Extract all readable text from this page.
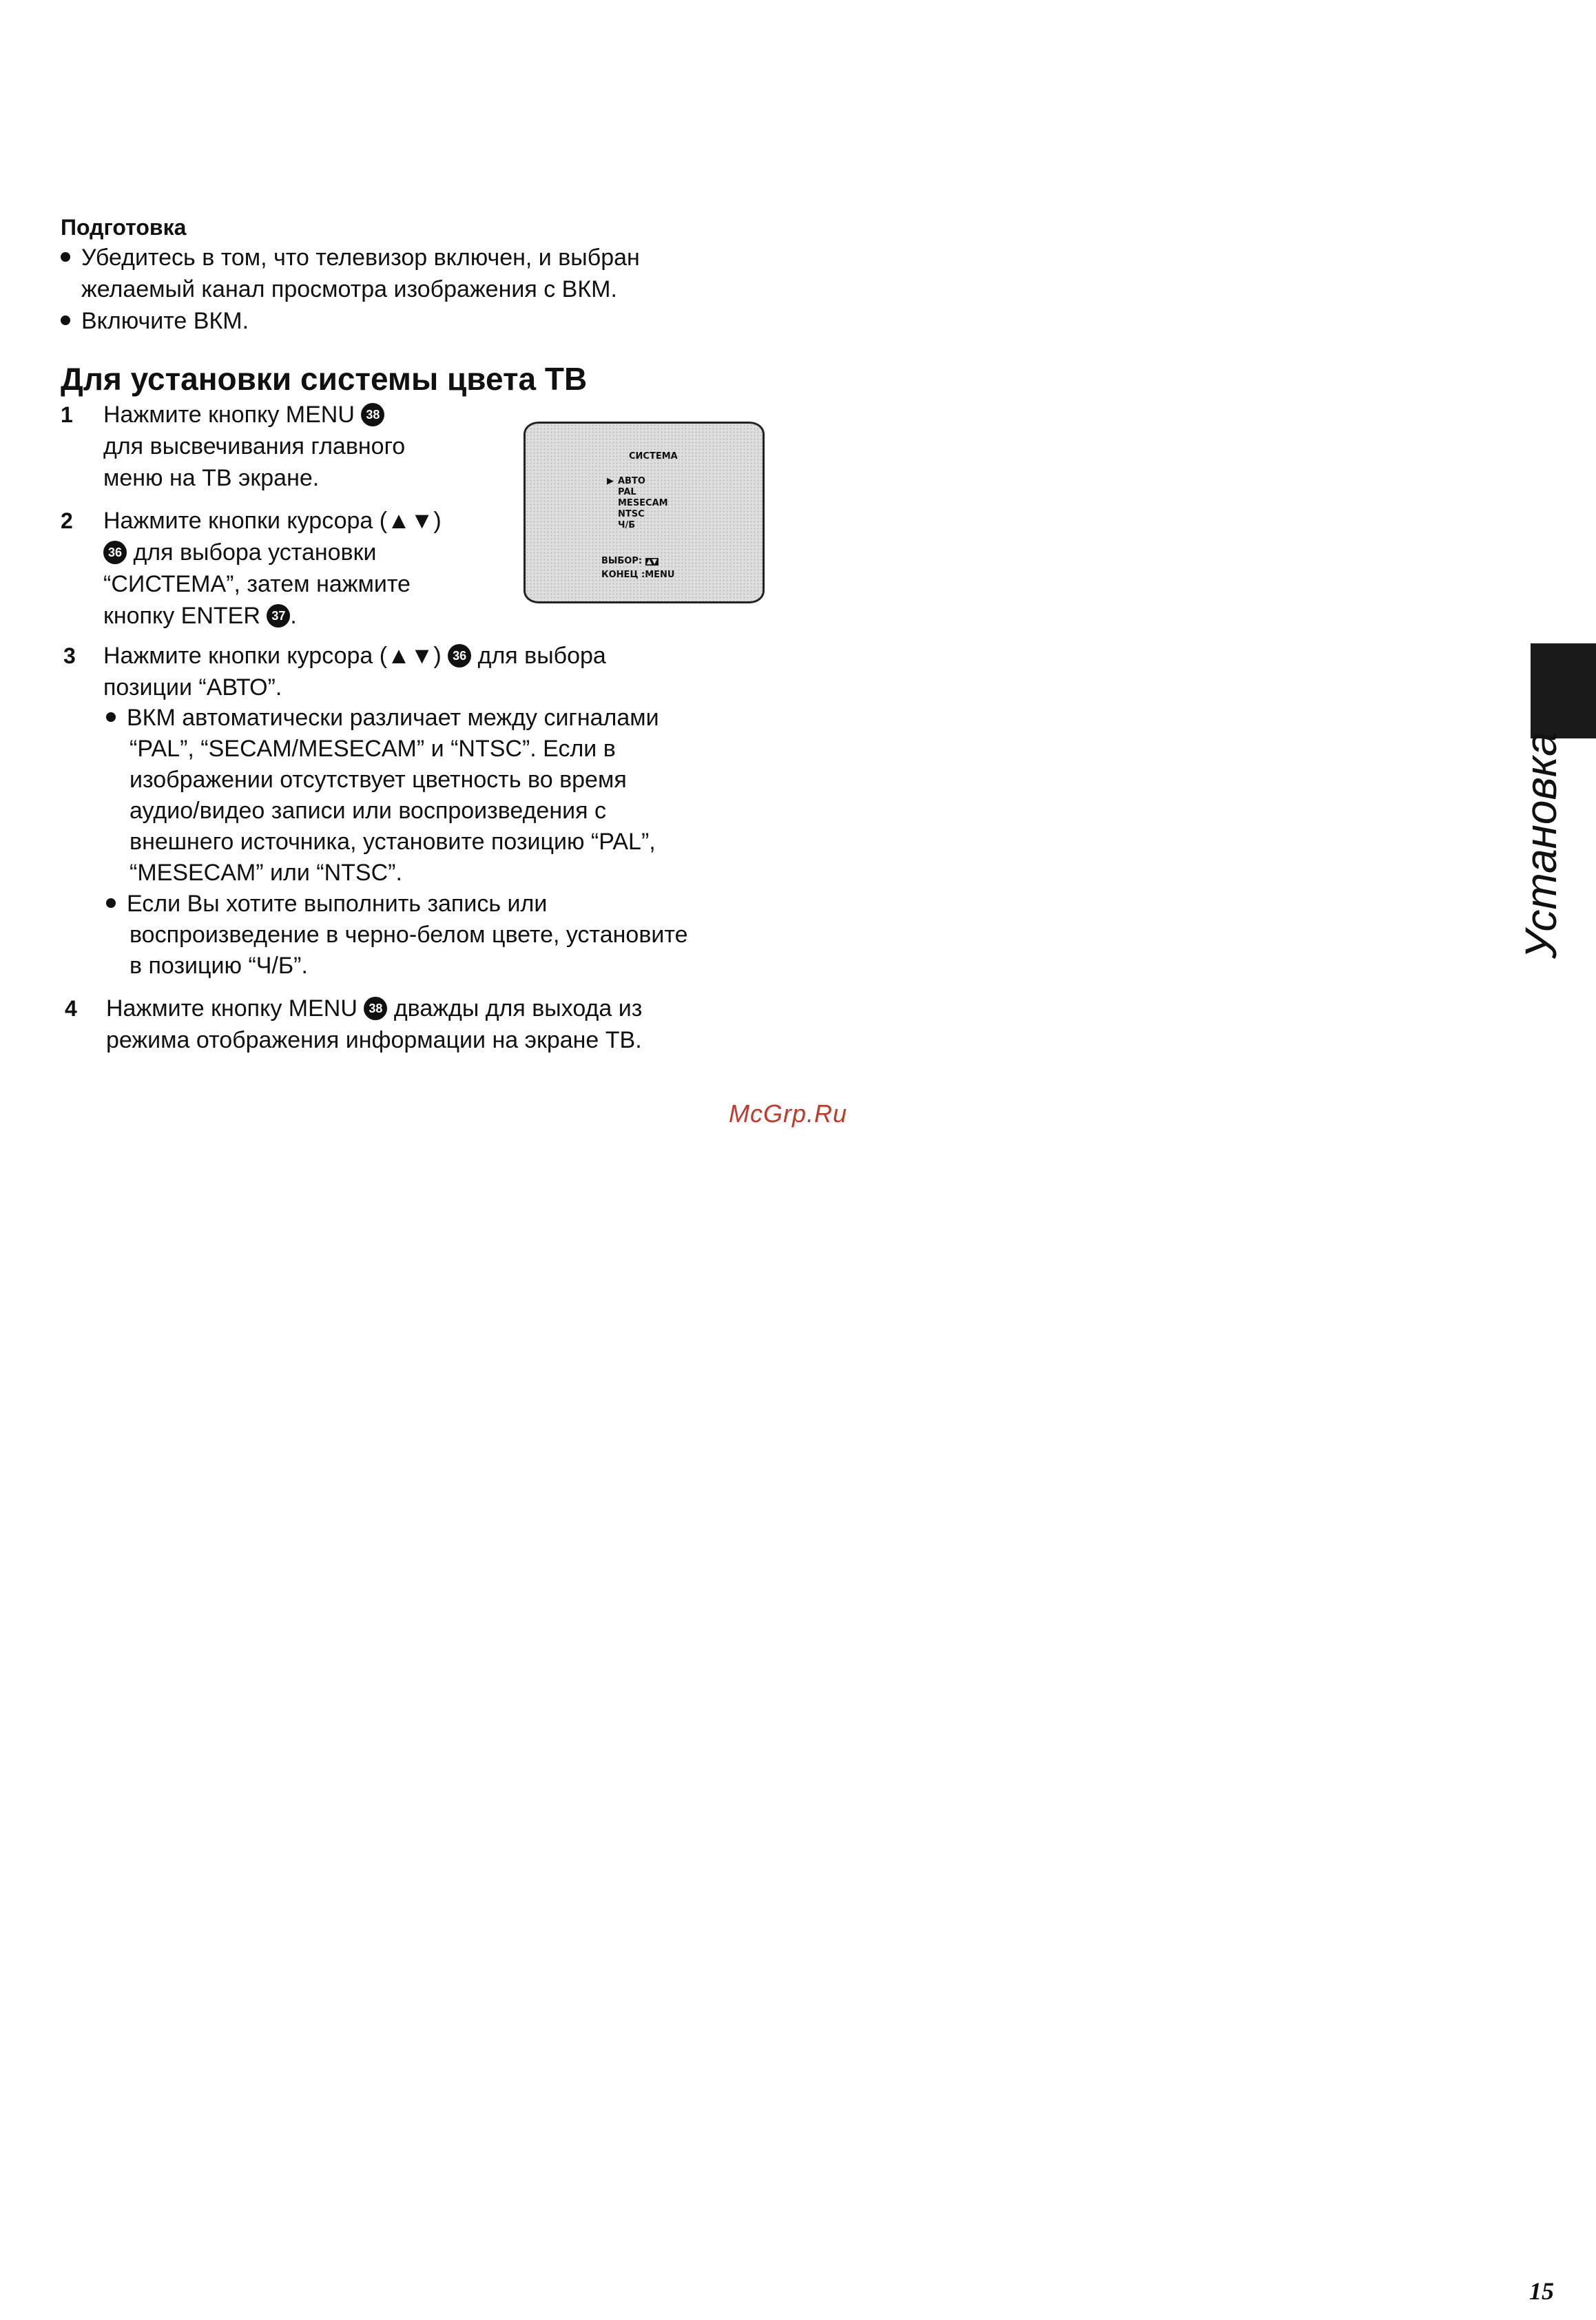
Подготовка
Убедитесь в том, что телевизор включен, и выбран
желаемый канал просмотра изображения с ВКМ.
Включите ВКМ.
Для установки системы цвета ТВ
1 Нажмите кнопку MENU 38
для высвечивания главного
меню на ТВ экране.
2 Нажмите кнопки курсора (▲▼)
36 для выбора установки
“СИСТЕМА”, затем нажмите
кнопку ENTER 37 .
СИСТЕМА
▶ АВТО
PAL
MESECAM
NTSC
Ч/Б
ВЫБОР: ▲▼
КОНЕЦ :MENU
3 Нажмите кнопки курсора (▲▼) 36 для выбора
позиции “АВТО”.
ВКМ автоматически различает между сигналами
“PAL”, “SECAM/MESECAM” и “NTSC”. Если в
изображении отсутствует цветность во время
аудио/видео записи или воспроизведения с
внешнего источника, установите позицию “PAL”,
“MESECAM” или “NTSC”.
Если Вы хотите выполнить запись или
воспроизведение в черно-белом цвете, установите
в позицию “Ч/Б”.
4 Нажмите кнопку MENU 38 дважды для выхода из
режима отображения информации на экране ТВ.
Установка
McGrp.Ru
15
